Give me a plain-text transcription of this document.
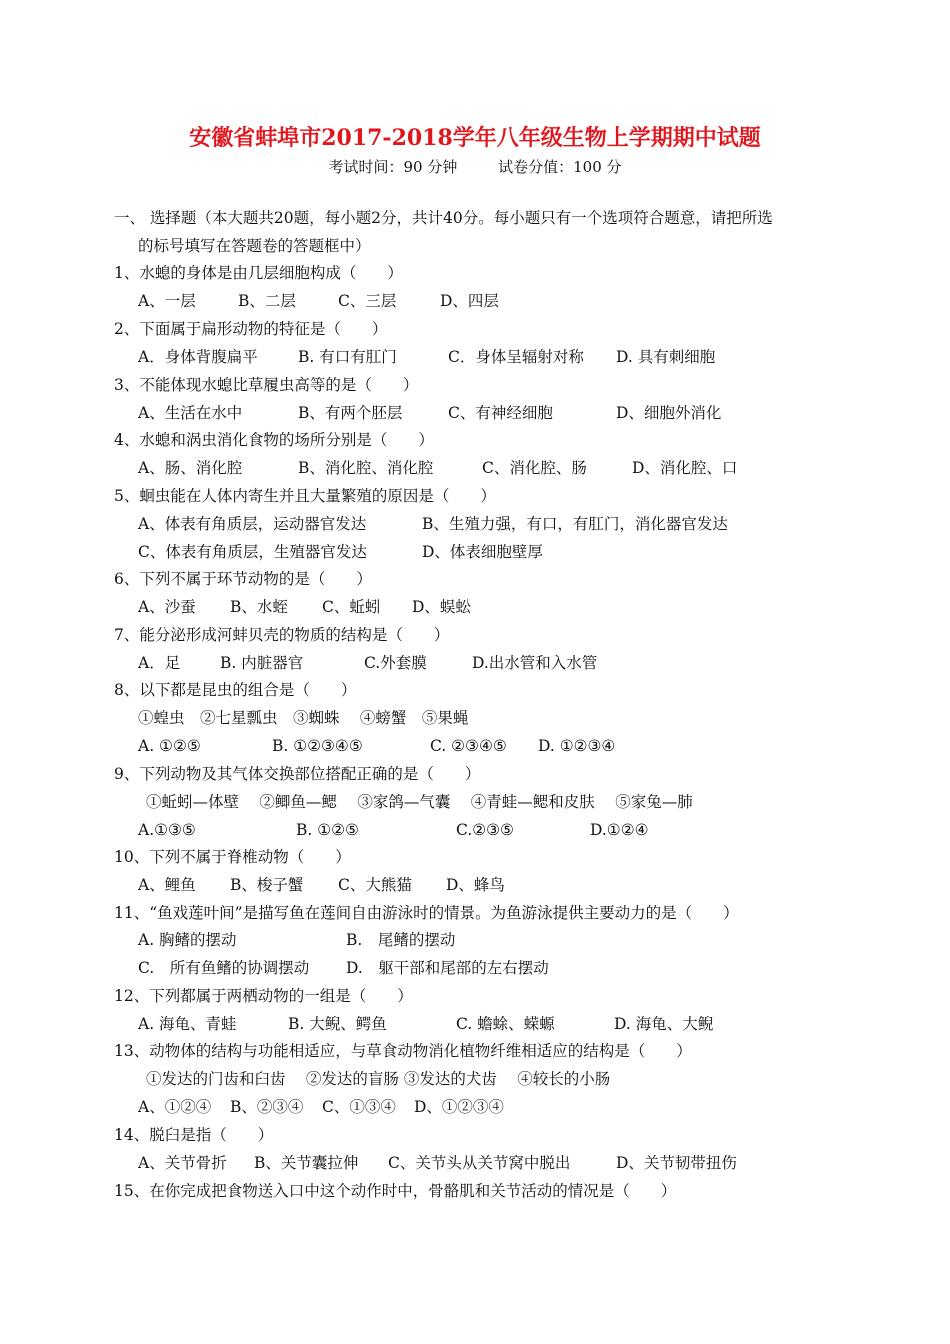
安徽省蚌埠市2017-2018学年八年级生物上学期期中试题
考试时间：90 分钟	试卷分值：100 分
一、 选择题（本大题共20题，每小题2分，共计40分。每小题只有一个选项符合题意，请把所选
的标号填写在答题卷的答题框中）
1、水螅的身体是由几层细胞构成（　　）
A、一层	B、二层	C、三层	D、四层
2、下面属于扁形动物的特征是（　　）
A．身体背腹扁平	B. 有口有肛门	C．身体呈辐射对称 D. 具有刺细胞
3、不能体现水螅比草履虫高等的是（　　）
A、生活在水中	B、有两个胚层	C、有神经细胞	D、细胞外消化
4、水螅和涡虫消化食物的场所分别是（　　）
A、肠、消化腔	B、消化腔、消化腔	C、消化腔、肠	D、消化腔、口
5、蛔虫能在人体内寄生并且大量繁殖的原因是（　　）
A、体表有角质层，运动器官发达	B、生殖力强，有口，有肛门，消化器官发达
C、体表有角质层，生殖器官发达	D、体表细胞壁厚
6、下列不属于环节动物的是（　　）
A、沙蚕 B、水蛭 C、蚯蚓 D、蜈蚣
7、能分泌形成河蚌贝壳的物质的结构是（　　）
A．足	B. 内脏器官	C.外套膜	D.出水管和入水管
8、以下都是昆虫的组合是（　　）
①蝗虫　②七星瓢虫　③蜘蛛　 ④螃蟹　⑤果蝇
A. ①②⑤	B. ①②③④⑤	C. ②③④⑤ D. ①②③④
9、下列动物及其气体交换部位搭配正确的是（　　）
①蚯蚓—体壁　 ②鲫鱼—鳃　 ③家鸽—气囊　 ④青蛙—鳃和皮肤　 ⑤家兔—肺
A.①③⑤	B. ①②⑤	C.②③⑤	D.①②④
10、下列不属于脊椎动物（　　）
A、鲤鱼 B、梭子蟹 C、大熊猫 D、蜂鸟
11、“鱼戏莲叶间”是描写鱼在莲间自由游泳时的情景。为鱼游泳提供主要动力的是（　　）
A. 胸鳍的摆动	B.　尾鳍的摆动
C.　所有鱼鳍的协调摆动 D.　躯干部和尾部的左右摆动
12、下列都属于两栖动物的一组是（　　）
A. 海龟、青蛙	B. 大鲵、鳄鱼	C. 蟾蜍、蝾螈	D. 海龟、大鲵
13、动物体的结构与功能相适应，与草食动物消化植物纤维相适应的结构是（　　）
①发达的门齿和臼齿　 ②发达的盲肠 ③发达的犬齿　 ④较长的小肠
A、①②④ B、②③④ C、①③④ D、①②③④
14、脱臼是指（　　）
A、关节骨折 B、关节囊拉伸 C、关节头从关节窝中脱出	D、关节韧带扭伤
15、在你完成把食物送入口中这个动作时中，骨骼肌和关节活动的情况是（　　）
